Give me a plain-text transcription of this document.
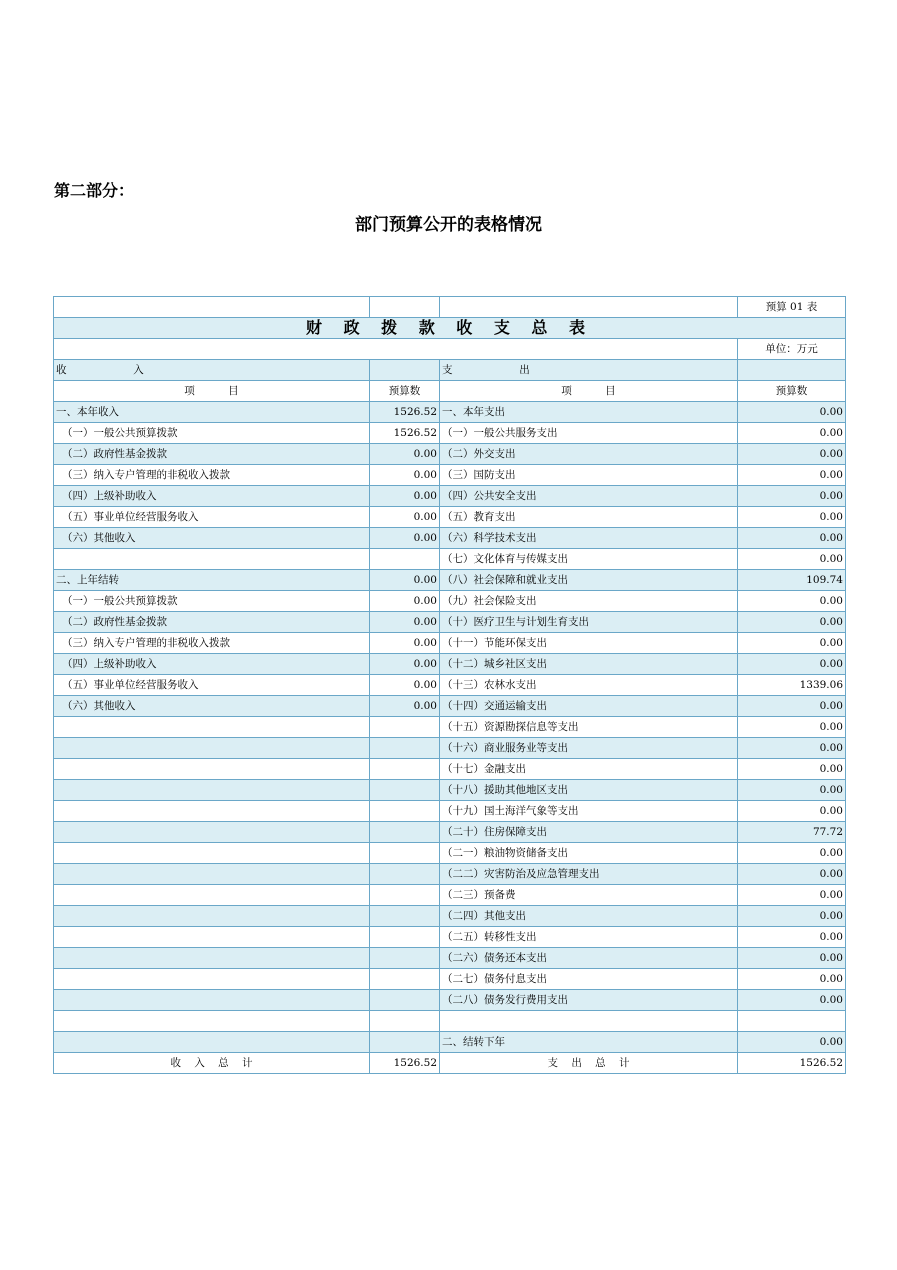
第二部分：
部门预算公开的表格情况
			预算 01 表
财 政 拨 款 收 支 总 表			
			单位：万元
收                    入		支                    出	
项          目	预算数	项          目	预算数
一、本年收入	1526.52	一、本年支出	0.00
（一）一般公共预算拨款	1526.52	（一）一般公共服务支出	0.00
（二）政府性基金拨款	0.00	（二）外交支出	0.00
（三）纳入专户管理的非税收入拨款	0.00	（三）国防支出	0.00
（四）上级补助收入	0.00	（四）公共安全支出	0.00
（五）事业单位经营服务收入	0.00	（五）教育支出	0.00
（六）其他收入	0.00	（六）科学技术支出	0.00
		（七）文化体育与传媒支出	0.00
二、上年结转	0.00	（八）社会保障和就业支出	109.74
（一）一般公共预算拨款	0.00	（九）社会保险支出	0.00
（二）政府性基金拨款	0.00	（十）医疗卫生与计划生育支出	0.00
（三）纳入专户管理的非税收入拨款	0.00	（十一）节能环保支出	0.00
（四）上级补助收入	0.00	（十二）城乡社区支出	0.00
（五）事业单位经营服务收入	0.00	（十三）农林水支出	1339.06
（六）其他收入	0.00	（十四）交通运输支出	0.00
		（十五）资源勘探信息等支出	0.00
		（十六）商业服务业等支出	0.00
		（十七）金融支出	0.00
		（十八）援助其他地区支出	0.00
		（十九）国土海洋气象等支出	0.00
		（二十）住房保障支出	77.72
		（二一）粮油物资储备支出	0.00
		（二二）灾害防治及应急管理支出	0.00
		（二三）预备费	0.00
		（二四）其他支出	0.00
		（二五）转移性支出	0.00
		（二六）债务还本支出	0.00
		（二七）债务付息支出	0.00
		（二八）债务发行费用支出	0.00

		二、结转下年	0.00
收    入    总    计	1526.52	支    出    总    计	1526.52
